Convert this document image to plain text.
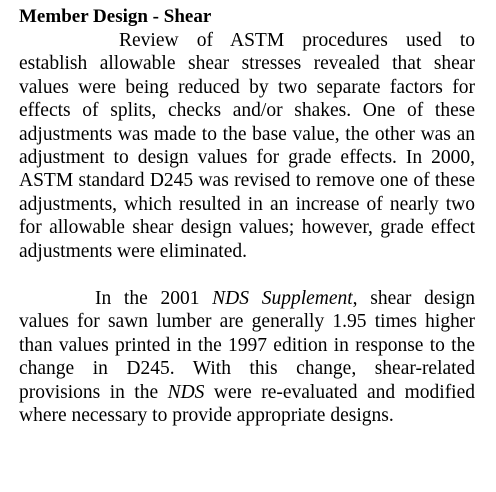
Member Design - Shear

Review of ASTM procedures used to establish allowable shear stresses revealed that shear values were being reduced by two separate factors for effects of splits, checks and/or shakes. One of these adjustments was made to the base value, the other was an adjustment to design values for grade effects. In 2000, ASTM standard D245 was revised to remove one of these adjustments, which resulted in an increase of nearly two for allowable shear design values; however, grade effect adjustments were eliminated.

In the 2001 NDS Supplement, shear design values for sawn lumber are generally 1.95 times higher than values printed in the 1997 edition in response to the change in D245. With this change, shear-related provisions in the NDS were re-evaluated and modified where necessary to provide appropriate designs.
